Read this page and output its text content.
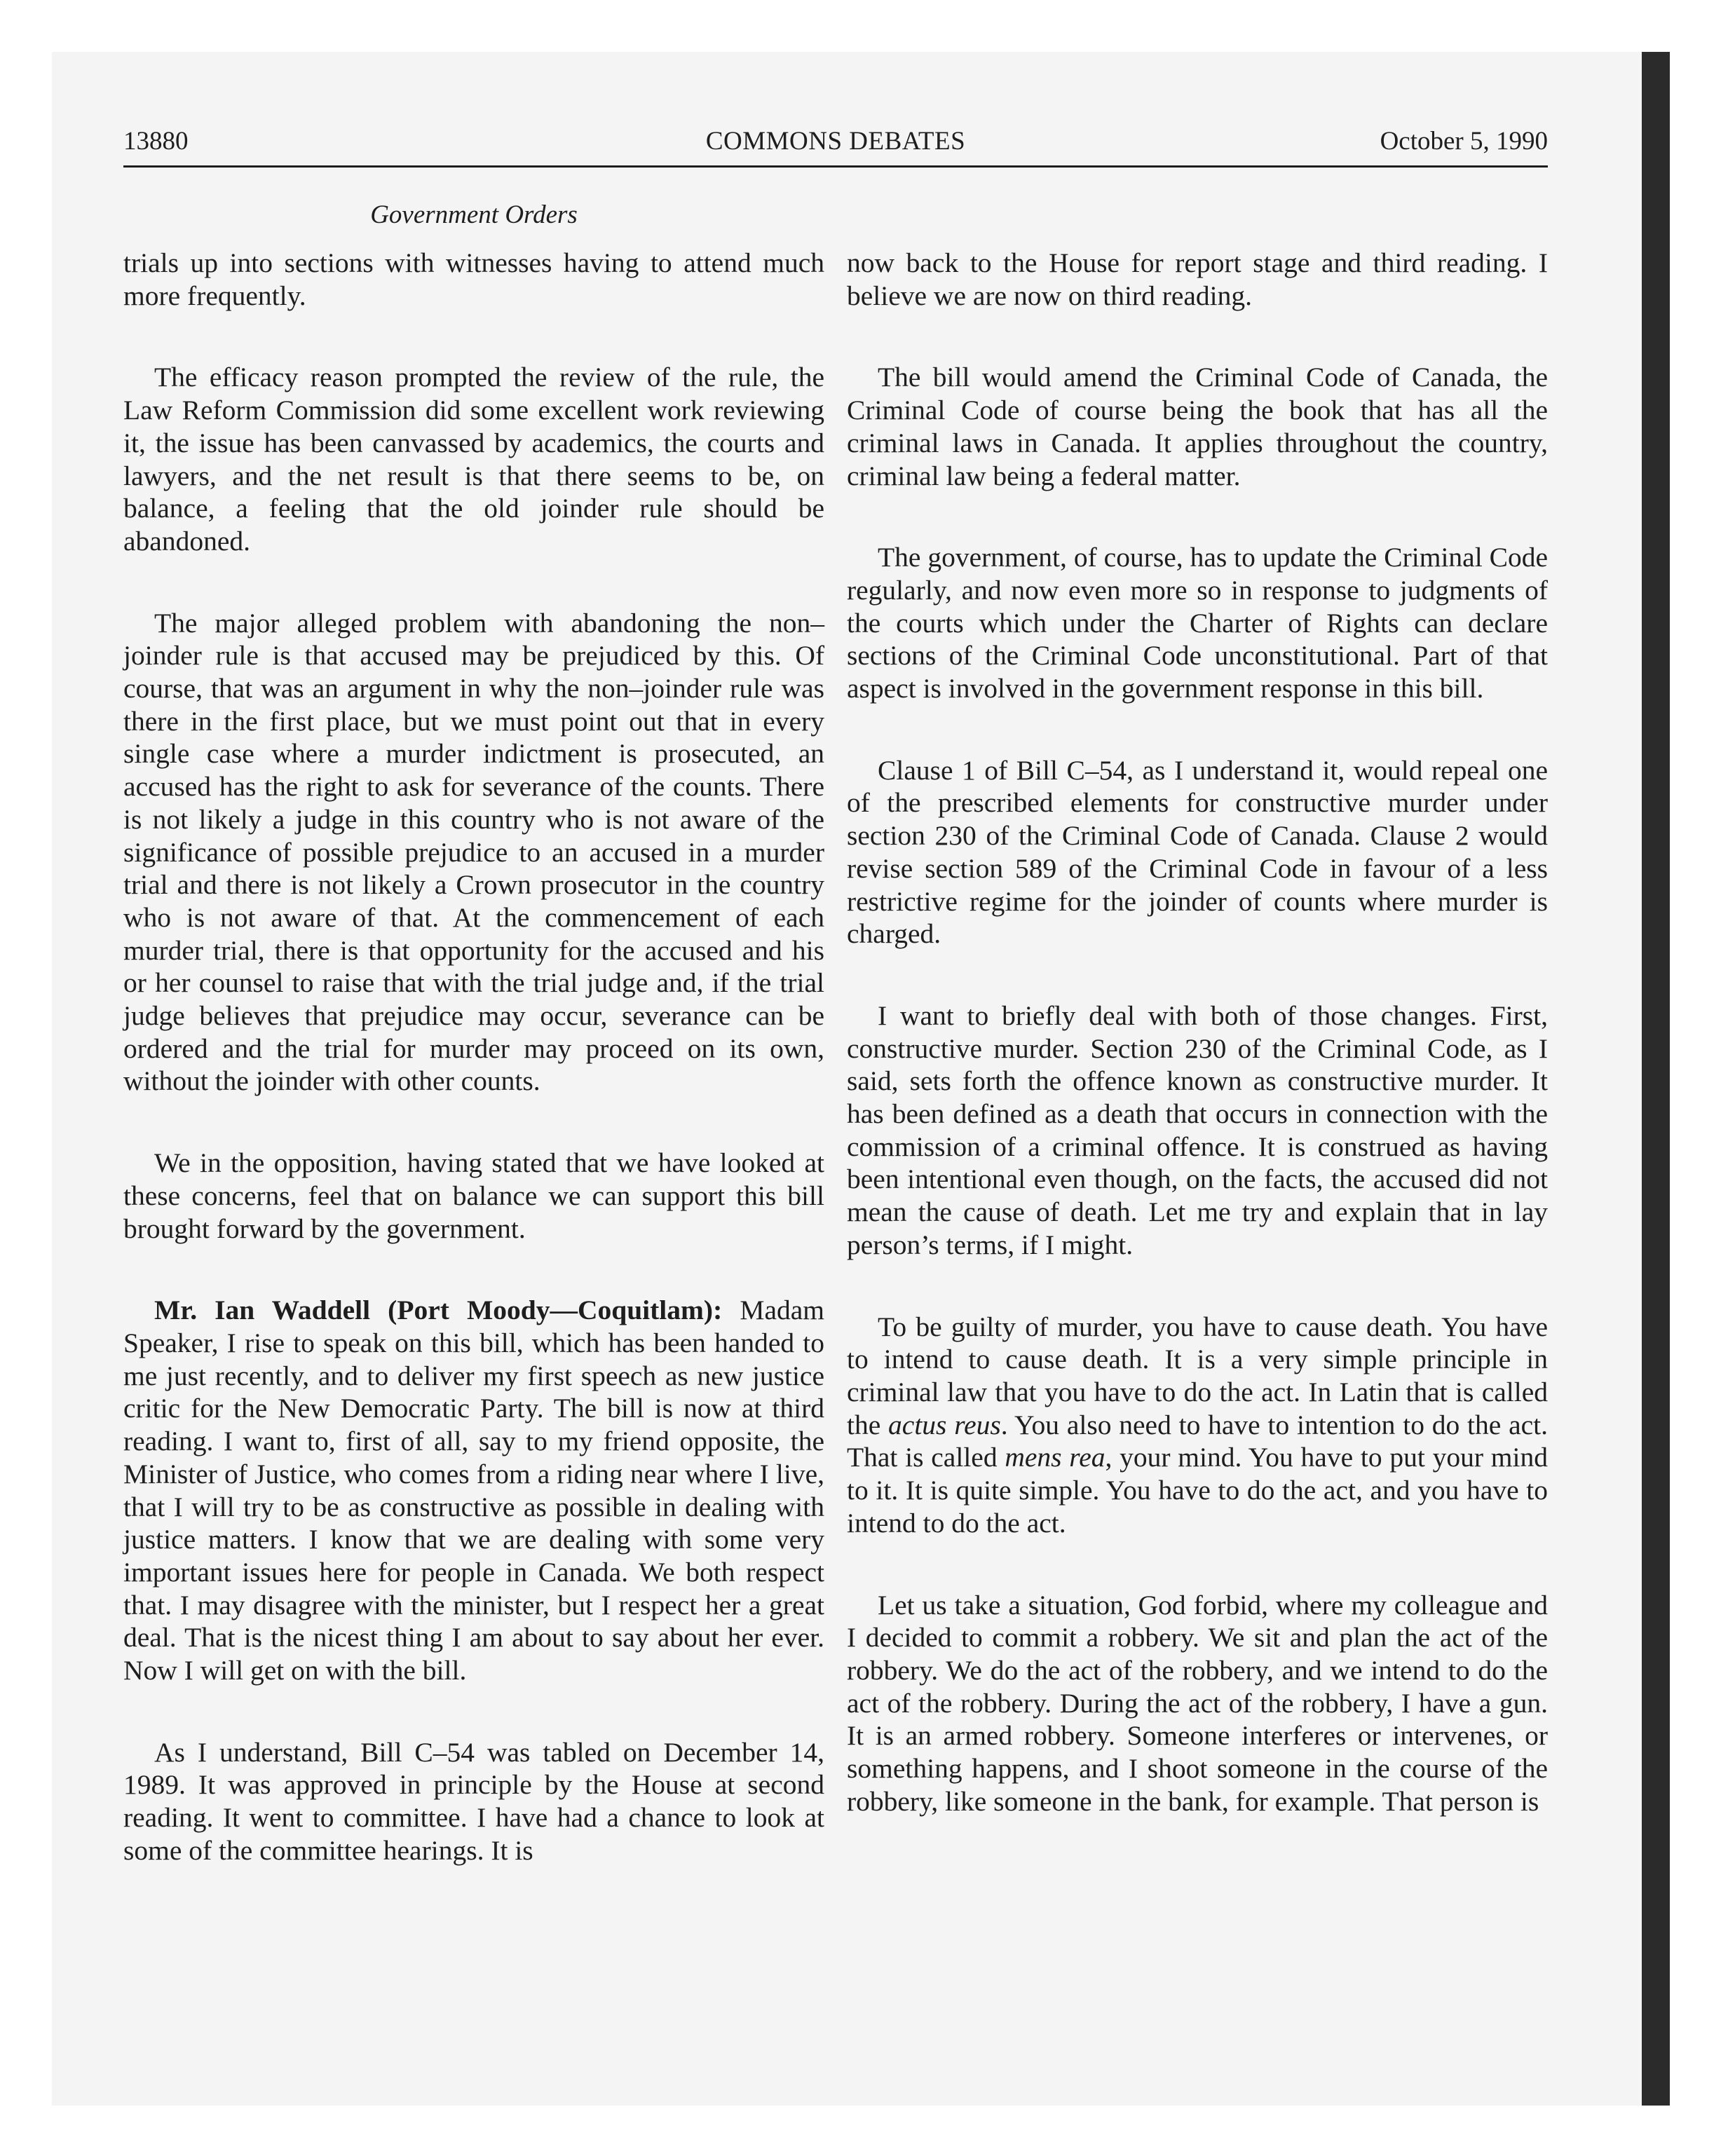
13880	COMMONS DEBATES	October 5, 1990
Government Orders

trials up into sections with witnesses having to attend much more frequently.

The efficacy reason prompted the review of the rule, the Law Reform Commission did some excellent work reviewing it, the issue has been canvassed by academics, the courts and lawyers, and the net result is that there seems to be, on balance, a feeling that the old joinder rule should be abandoned.

The major alleged problem with abandoning the non–joinder rule is that accused may be prejudiced by this. Of course, that was an argument in why the non–joinder rule was there in the first place, but we must point out that in every single case where a murder indictment is prosecuted, an accused has the right to ask for severance of the counts. There is not likely a judge in this country who is not aware of the significance of possible prejudice to an accused in a murder trial and there is not likely a Crown prosecutor in the country who is not aware of that. At the commencement of each murder trial, there is that opportunity for the accused and his or her counsel to raise that with the trial judge and, if the trial judge believes that prejudice may occur, severance can be ordered and the trial for murder may proceed on its own, without the joinder with other counts.

We in the opposition, having stated that we have looked at these concerns, feel that on balance we can support this bill brought forward by the government.

Mr. Ian Waddell (Port Moody—Coquitlam): Madam Speaker, I rise to speak on this bill, which has been handed to me just recently, and to deliver my first speech as new justice critic for the New Democratic Party. The bill is now at third reading. I want to, first of all, say to my friend opposite, the Minister of Justice, who comes from a riding near where I live, that I will try to be as constructive as possible in dealing with justice matters. I know that we are dealing with some very important issues here for people in Canada. We both respect that. I may disagree with the minister, but I respect her a great deal. That is the nicest thing I am about to say about her ever. Now I will get on with the bill.

As I understand, Bill C–54 was tabled on December 14, 1989. It was approved in principle by the House at second reading. It went to committee. I have had a chance to look at some of the committee hearings. It is

now back to the House for report stage and third reading. I believe we are now on third reading.

The bill would amend the Criminal Code of Canada, the Criminal Code of course being the book that has all the criminal laws in Canada. It applies throughout the country, criminal law being a federal matter.

The government, of course, has to update the Criminal Code regularly, and now even more so in response to judgments of the courts which under the Charter of Rights can declare sections of the Criminal Code unconstitutional. Part of that aspect is involved in the government response in this bill.

Clause 1 of Bill C–54, as I understand it, would repeal one of the prescribed elements for constructive murder under section 230 of the Criminal Code of Canada. Clause 2 would revise section 589 of the Criminal Code in favour of a less restrictive regime for the joinder of counts where murder is charged.

I want to briefly deal with both of those changes. First, constructive murder. Section 230 of the Criminal Code, as I said, sets forth the offence known as constructive murder. It has been defined as a death that occurs in connection with the commission of a criminal offence. It is construed as having been intentional even though, on the facts, the accused did not mean the cause of death. Let me try and explain that in lay person’s terms, if I might.

To be guilty of murder, you have to cause death. You have to intend to cause death. It is a very simple principle in criminal law that you have to do the act. In Latin that is called the actus reus. You also need to have to intention to do the act. That is called mens rea, your mind. You have to put your mind to it. It is quite simple. You have to do the act, and you have to intend to do the act.

Let us take a situation, God forbid, where my colleague and I decided to commit a robbery. We sit and plan the act of the robbery. We do the act of the robbery, and we intend to do the act of the robbery. During the act of the robbery, I have a gun. It is an armed robbery. Someone interferes or intervenes, or something happens, and I shoot someone in the course of the robbery, like someone in the bank, for example. That person is
